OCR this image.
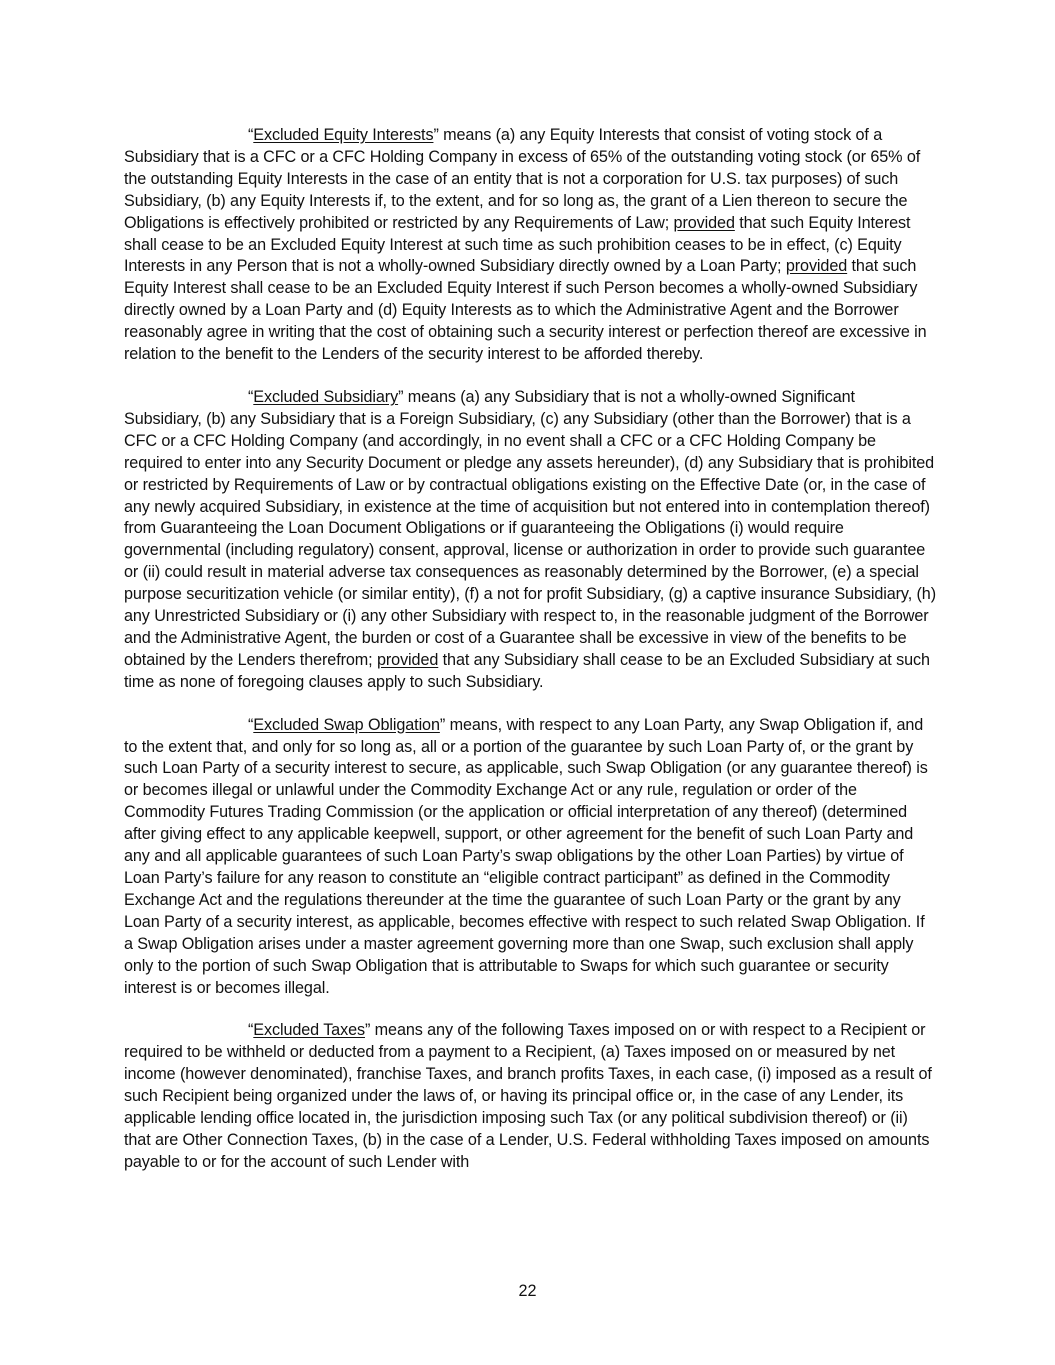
“Excluded Equity Interests” means (a) any Equity Interests that consist of voting stock of a Subsidiary that is a CFC or a CFC Holding Company in excess of 65% of the outstanding voting stock (or 65% of the outstanding Equity Interests in the case of an entity that is not a corporation for U.S. tax purposes) of such Subsidiary, (b) any Equity Interests if, to the extent, and for so long as, the grant of a Lien thereon to secure the Obligations is effectively prohibited or restricted by any Requirements of Law; provided that such Equity Interest shall cease to be an Excluded Equity Interest at such time as such prohibition ceases to be in effect, (c) Equity Interests in any Person that is not a wholly-owned Subsidiary directly owned by a Loan Party; provided that such Equity Interest shall cease to be an Excluded Equity Interest if such Person becomes a wholly-owned Subsidiary directly owned by a Loan Party and (d) Equity Interests as to which the Administrative Agent and the Borrower reasonably agree in writing that the cost of obtaining such a security interest or perfection thereof are excessive in relation to the benefit to the Lenders of the security interest to be afforded thereby.

“Excluded Subsidiary” means (a) any Subsidiary that is not a wholly-owned Significant Subsidiary, (b) any Subsidiary that is a Foreign Subsidiary, (c) any Subsidiary (other than the Borrower) that is a CFC or a CFC Holding Company (and accordingly, in no event shall a CFC or a CFC Holding Company be required to enter into any Security Document or pledge any assets hereunder), (d) any Subsidiary that is prohibited or restricted by Requirements of Law or by contractual obligations existing on the Effective Date (or, in the case of any newly acquired Subsidiary, in existence at the time of acquisition but not entered into in contemplation thereof) from Guaranteeing the Loan Document Obligations or if guaranteeing the Obligations (i) would require governmental (including regulatory) consent, approval, license or authorization in order to provide such guarantee or (ii) could result in material adverse tax consequences as reasonably determined by the Borrower, (e) a special purpose securitization vehicle (or similar entity), (f) a not for profit Subsidiary, (g) a captive insurance Subsidiary, (h) any Unrestricted Subsidiary or (i) any other Subsidiary with respect to, in the reasonable judgment of the Borrower and the Administrative Agent, the burden or cost of a Guarantee shall be excessive in view of the benefits to be obtained by the Lenders therefrom; provided that any Subsidiary shall cease to be an Excluded Subsidiary at such time as none of foregoing clauses apply to such Subsidiary.

“Excluded Swap Obligation” means, with respect to any Loan Party, any Swap Obligation if, and to the extent that, and only for so long as, all or a portion of the guarantee by such Loan Party of, or the grant by such Loan Party of a security interest to secure, as applicable, such Swap Obligation (or any guarantee thereof) is or becomes illegal or unlawful under the Commodity Exchange Act or any rule, regulation or order of the Commodity Futures Trading Commission (or the application or official interpretation of any thereof) (determined after giving effect to any applicable keepwell, support, or other agreement for the benefit of such Loan Party and any and all applicable guarantees of such Loan Party’s swap obligations by the other Loan Parties) by virtue of Loan Party’s failure for any reason to constitute an “eligible contract participant” as defined in the Commodity Exchange Act and the regulations thereunder at the time the guarantee of such Loan Party or the grant by any Loan Party of a security interest, as applicable, becomes effective with respect to such related Swap Obligation. If a Swap Obligation arises under a master agreement governing more than one Swap, such exclusion shall apply only to the portion of such Swap Obligation that is attributable to Swaps for which such guarantee or security interest is or becomes illegal.

“Excluded Taxes” means any of the following Taxes imposed on or with respect to a Recipient or required to be withheld or deducted from a payment to a Recipient, (a) Taxes imposed on or measured by net income (however denominated), franchise Taxes, and branch profits Taxes, in each case, (i) imposed as a result of such Recipient being organized under the laws of, or having its principal office or, in the case of any Lender, its applicable lending office located in, the jurisdiction imposing such Tax (or any political subdivision thereof) or (ii) that are Other Connection Taxes, (b) in the case of a Lender, U.S. Federal withholding Taxes imposed on amounts payable to or for the account of such Lender with

22
